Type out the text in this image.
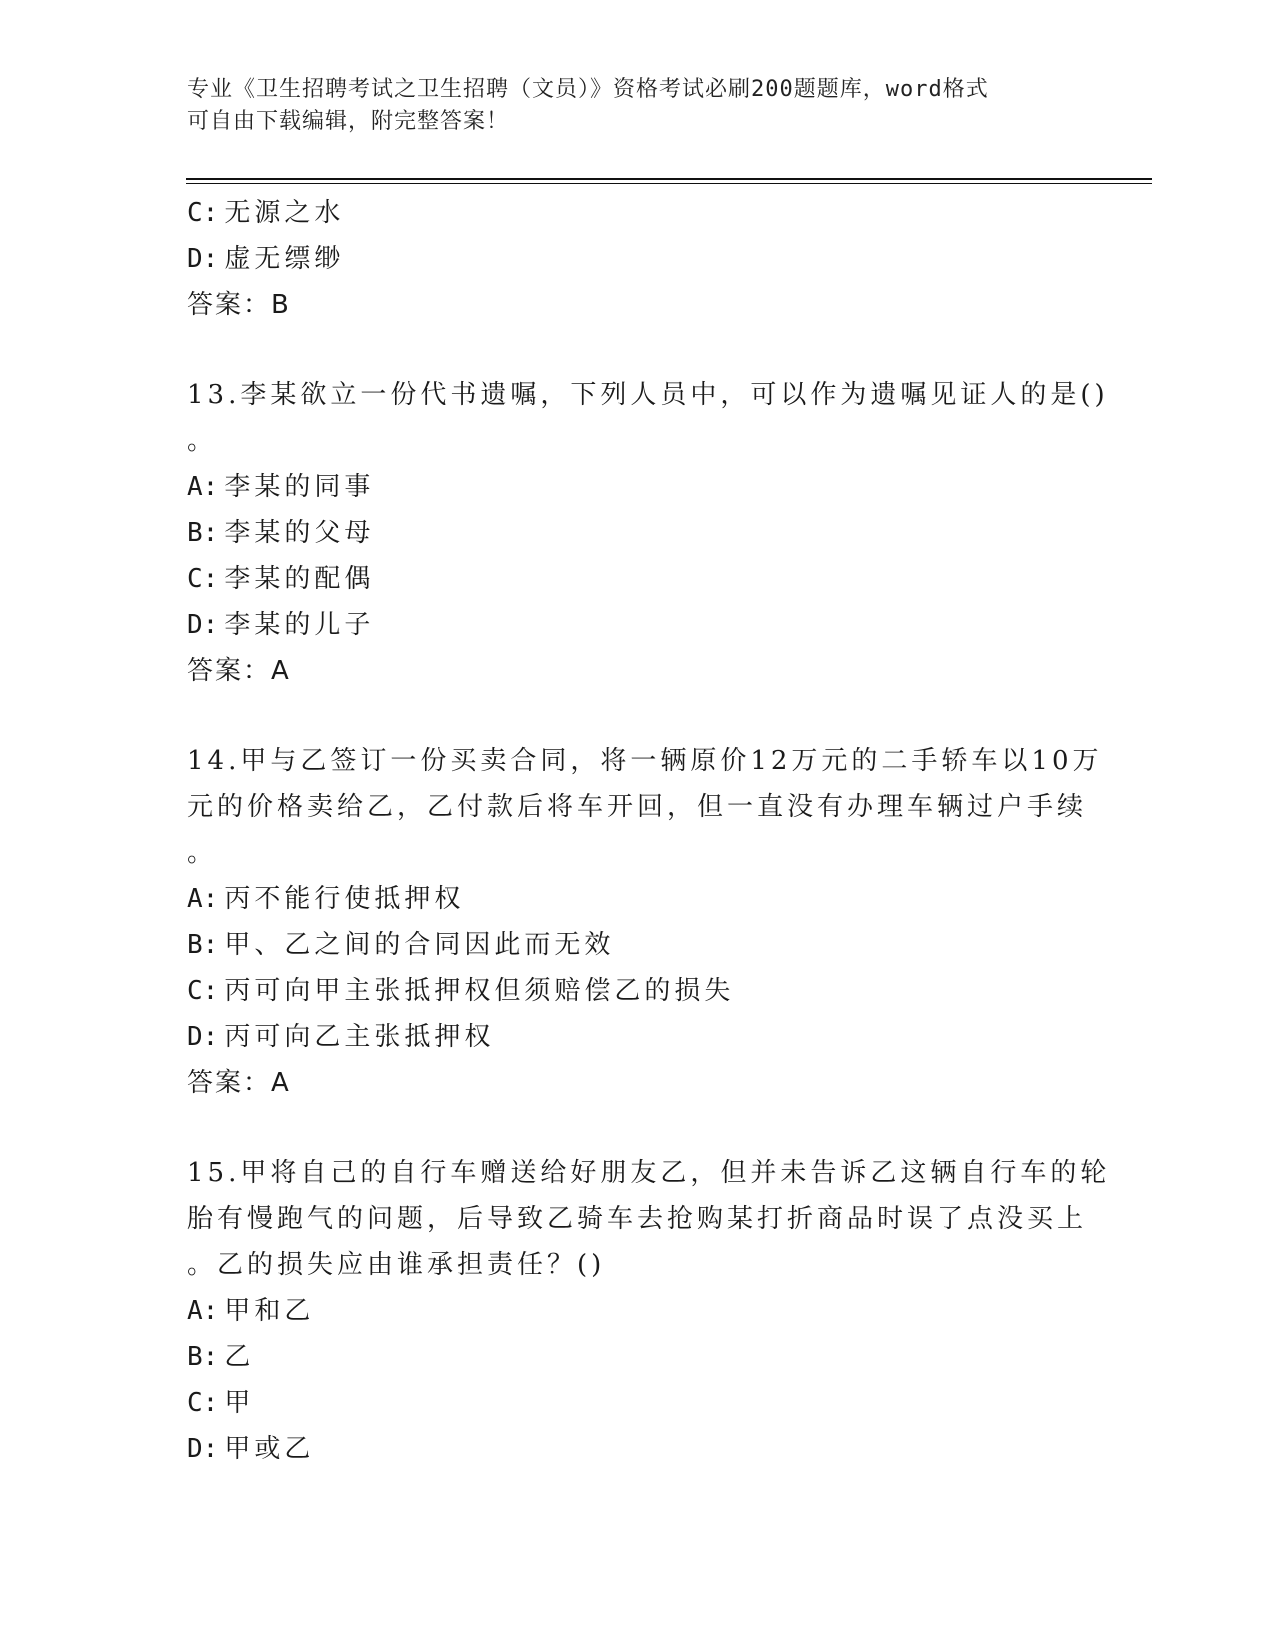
专业《卫生招聘考试之卫生招聘（文员）》资格考试必刷200题题库，word格式
可自由下载编辑，附完整答案！
C: 无源之水
D: 虚无缥缈
答案：B
13.李某欲立一份代书遗嘱，下列人员中，可以作为遗嘱见证人的是()
。
A: 李某的同事
B: 李某的父母
C: 李某的配偶
D: 李某的儿子
答案：A
14.甲与乙签订一份买卖合同，将一辆原价12万元的二手轿车以10万
元的价格卖给乙，乙付款后将车开回，但一直没有办理车辆过户手续
。
A: 丙不能行使抵押权
B: 甲、乙之间的合同因此而无效
C: 丙可向甲主张抵押权但须赔偿乙的损失
D: 丙可向乙主张抵押权
答案：A
15.甲将自己的自行车赠送给好朋友乙，但并未告诉乙这辆自行车的轮
胎有慢跑气的问题，后导致乙骑车去抢购某打折商品时误了点没买上
。乙的损失应由谁承担责任？()
A: 甲和乙
B: 乙
C: 甲
D: 甲或乙
